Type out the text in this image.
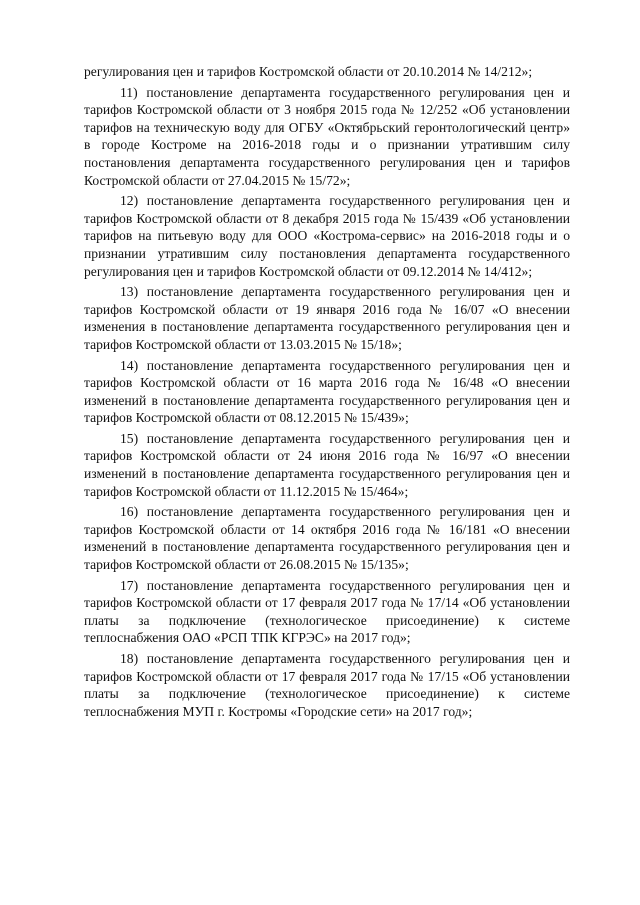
регулирования цен и тарифов Костромской области от 20.10.2014 № 14/212»;

11) постановление департамента государственного регулирования цен и тарифов Костромской области от 3 ноября 2015 года № 12/252 «Об установлении тарифов на техническую воду для ОГБУ «Октябрьский геронтологический центр» в городе Костроме на 2016-2018 годы и о признании утратившим силу постановления департамента государственного регулирования цен и тарифов Костромской области от 27.04.2015 № 15/72»;

12) постановление департамента государственного регулирования цен и тарифов Костромской области от 8 декабря 2015 года № 15/439 «Об установлении тарифов на питьевую воду для ООО «Кострома-сервис» на 2016-2018 годы и о признании утратившим силу постановления департамента государственного регулирования цен и тарифов Костромской области от 09.12.2014 № 14/412»;

13) постановление департамента государственного регулирования цен и тарифов Костромской области от 19 января 2016 года № 16/07 «О внесении изменения в постановление департамента государственного регулирования цен и тарифов Костромской области от 13.03.2015 № 15/18»;

14) постановление департамента государственного регулирования цен и тарифов Костромской области от 16 марта 2016 года № 16/48 «О внесении изменений в постановление департамента государственного регулирования цен и тарифов Костромской области от 08.12.2015 № 15/439»;

15) постановление департамента государственного регулирования цен и тарифов Костромской области от 24 июня 2016 года № 16/97 «О внесении изменений в постановление департамента государственного регулирования цен и тарифов Костромской области от 11.12.2015 № 15/464»;

16) постановление департамента государственного регулирования цен и тарифов Костромской области от 14 октября 2016 года № 16/181 «О внесении изменений в постановление департамента государственного регулирования цен и тарифов Костромской области от 26.08.2015 № 15/135»;

17) постановление департамента государственного регулирования цен и тарифов Костромской области от 17 февраля 2017 года № 17/14 «Об установлении платы за подключение (технологическое присоединение) к системе теплоснабжения ОАО «РСП ТПК КГРЭС» на 2017 год»;

18) постановление департамента государственного регулирования цен и тарифов Костромской области от 17 февраля 2017 года № 17/15 «Об установлении платы за подключение (технологическое присоединение) к системе теплоснабжения МУП г. Костромы «Городские сети» на 2017 год»;
